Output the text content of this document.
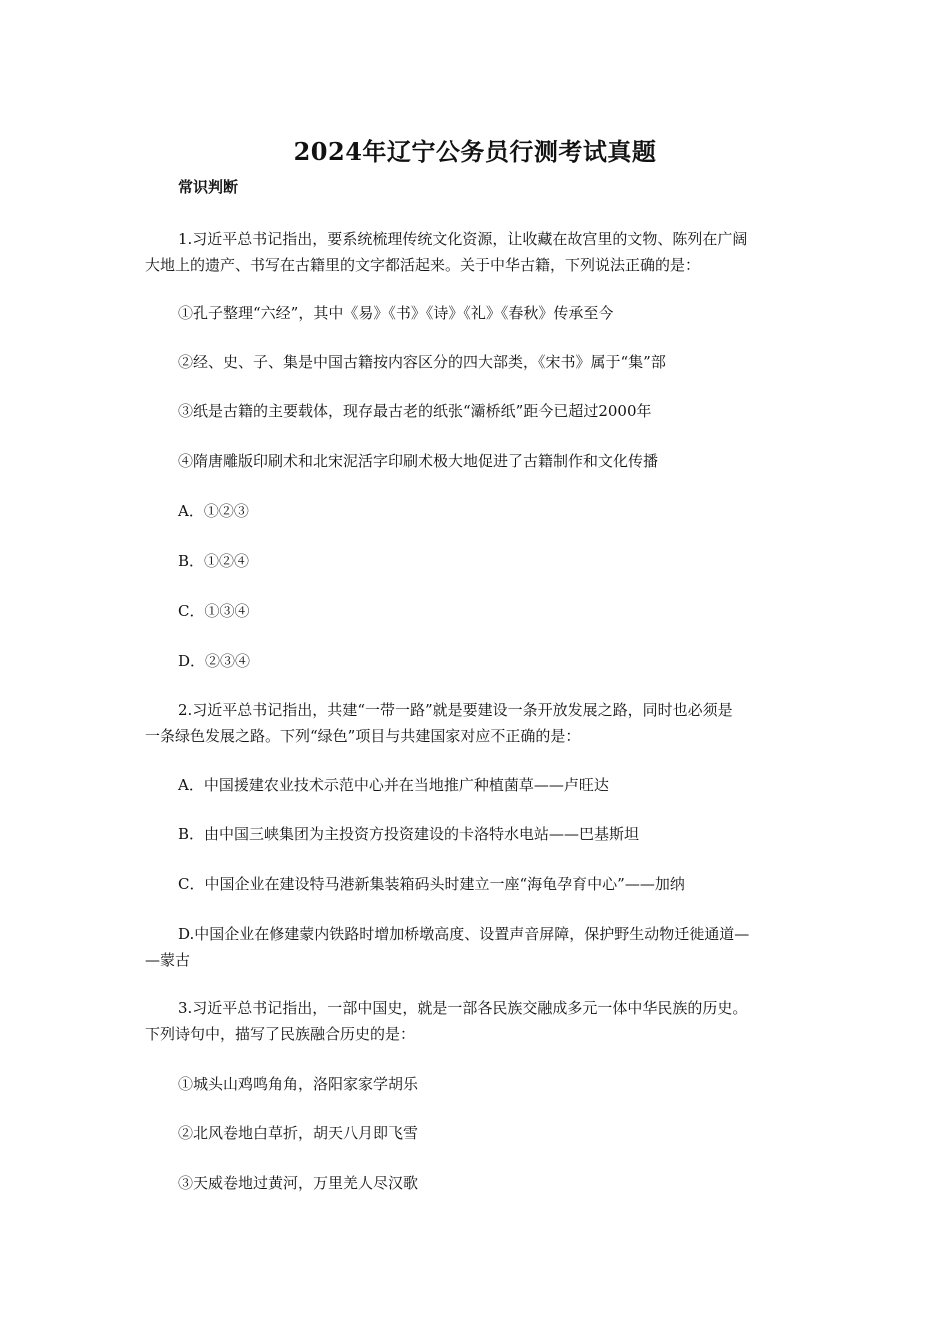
2024年辽宁公务员行测考试真题
常识判断
1.习近平总书记指出，要系统梳理传统文化资源，让收藏在故宫里的文物、陈列在广阔
大地上的遗产、书写在古籍里的文字都活起来。关于中华古籍，下列说法正确的是：
①孔子整理“六经”，其中《易》《书》《诗》《礼》《春秋》传承至今
②经、史、子、集是中国古籍按内容区分的四大部类，《宋书》属于“集”部
③纸是古籍的主要载体，现存最古老的纸张“灞桥纸”距今已超过2000年
④隋唐雕版印刷术和北宋泥活字印刷术极大地促进了古籍制作和文化传播
A．①②③
B．①②④
C．①③④
D．②③④
2.习近平总书记指出，共建“一带一路”就是要建设一条开放发展之路，同时也必须是
一条绿色发展之路。下列“绿色”项目与共建国家对应不正确的是：
A．中国援建农业技术示范中心并在当地推广种植菌草——卢旺达
B．由中国三峡集团为主投资方投资建设的卡洛特水电站——巴基斯坦
C．中国企业在建设特马港新集装箱码头时建立一座“海龟孕育中心”——加纳
D.中国企业在修建蒙内铁路时增加桥墩高度、设置声音屏障，保护野生动物迁徙通道—
—蒙古
3.习近平总书记指出，一部中国史，就是一部各民族交融成多元一体中华民族的历史。
下列诗句中，描写了民族融合历史的是：
①城头山鸡鸣角角，洛阳家家学胡乐
②北风卷地白草折，胡天八月即飞雪
③天威卷地过黄河，万里羌人尽汉歌
